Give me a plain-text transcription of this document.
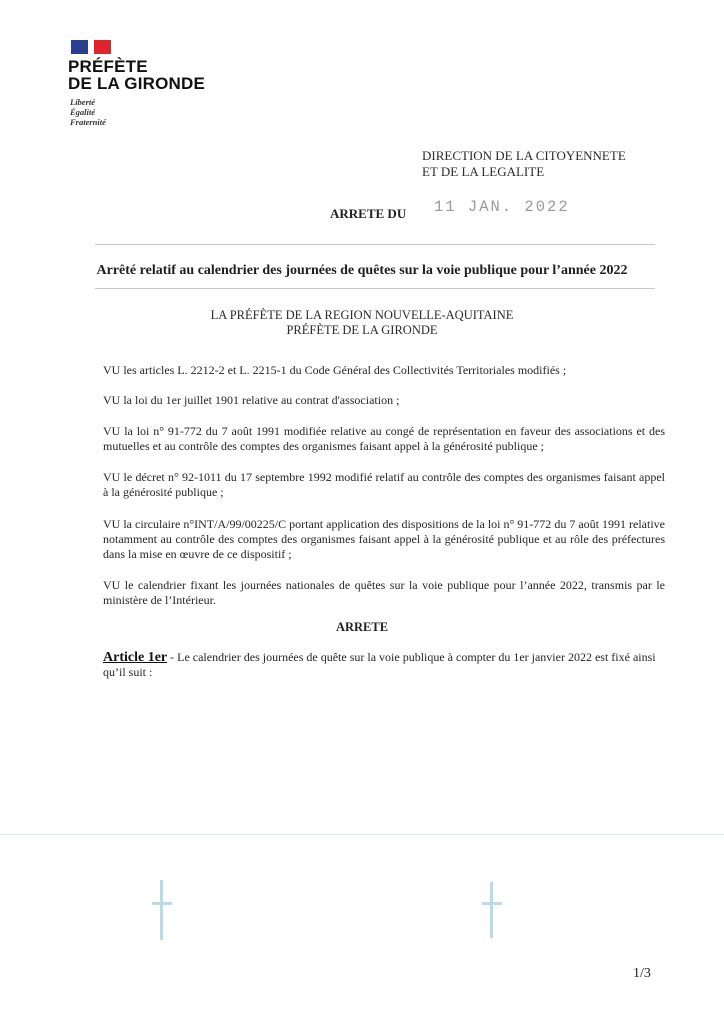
PRÉFÈTE
DE LA GIRONDE
Liberté
Égalité
Fraternité
DIRECTION DE LA CITOYENNETE
ET DE LA LEGALITE
ARRETE DU 11 JAN. 2022
Arrêté relatif au calendrier des journées de quêtes sur la voie publique pour l’année 2022
LA PRÉFÈTE DE LA REGION NOUVELLE-AQUITAINE
PRÉFÈTE DE LA GIRONDE
VU les articles L. 2212-2 et L. 2215-1 du Code Général des Collectivités Territoriales modifiés ;
VU la loi du 1er juillet 1901 relative au contrat d'association ;
VU la loi n° 91-772 du 7 août 1991 modifiée relative au congé de représentation en faveur des associations et des mutuelles et au contrôle des comptes des organismes faisant appel à la générosité publique ;
VU le décret n° 92-1011 du 17 septembre 1992 modifié relatif au contrôle des comptes des organismes faisant appel à la générosité publique ;
VU la circulaire n°INT/A/99/00225/C portant application des dispositions de la loi n° 91-772 du 7 août 1991 relative notamment au contrôle des comptes des organismes faisant appel à la générosité publique et au rôle des préfectures dans la mise en œuvre de ce dispositif ;
VU le calendrier fixant les journées nationales de quêtes sur la voie publique pour l’année 2022, transmis par le ministère de l’Intérieur.
ARRETE
Article 1er - Le calendrier des journées de quête sur la voie publique à compter du 1er janvier 2022 est fixé ainsi qu’il suit :
1/3
